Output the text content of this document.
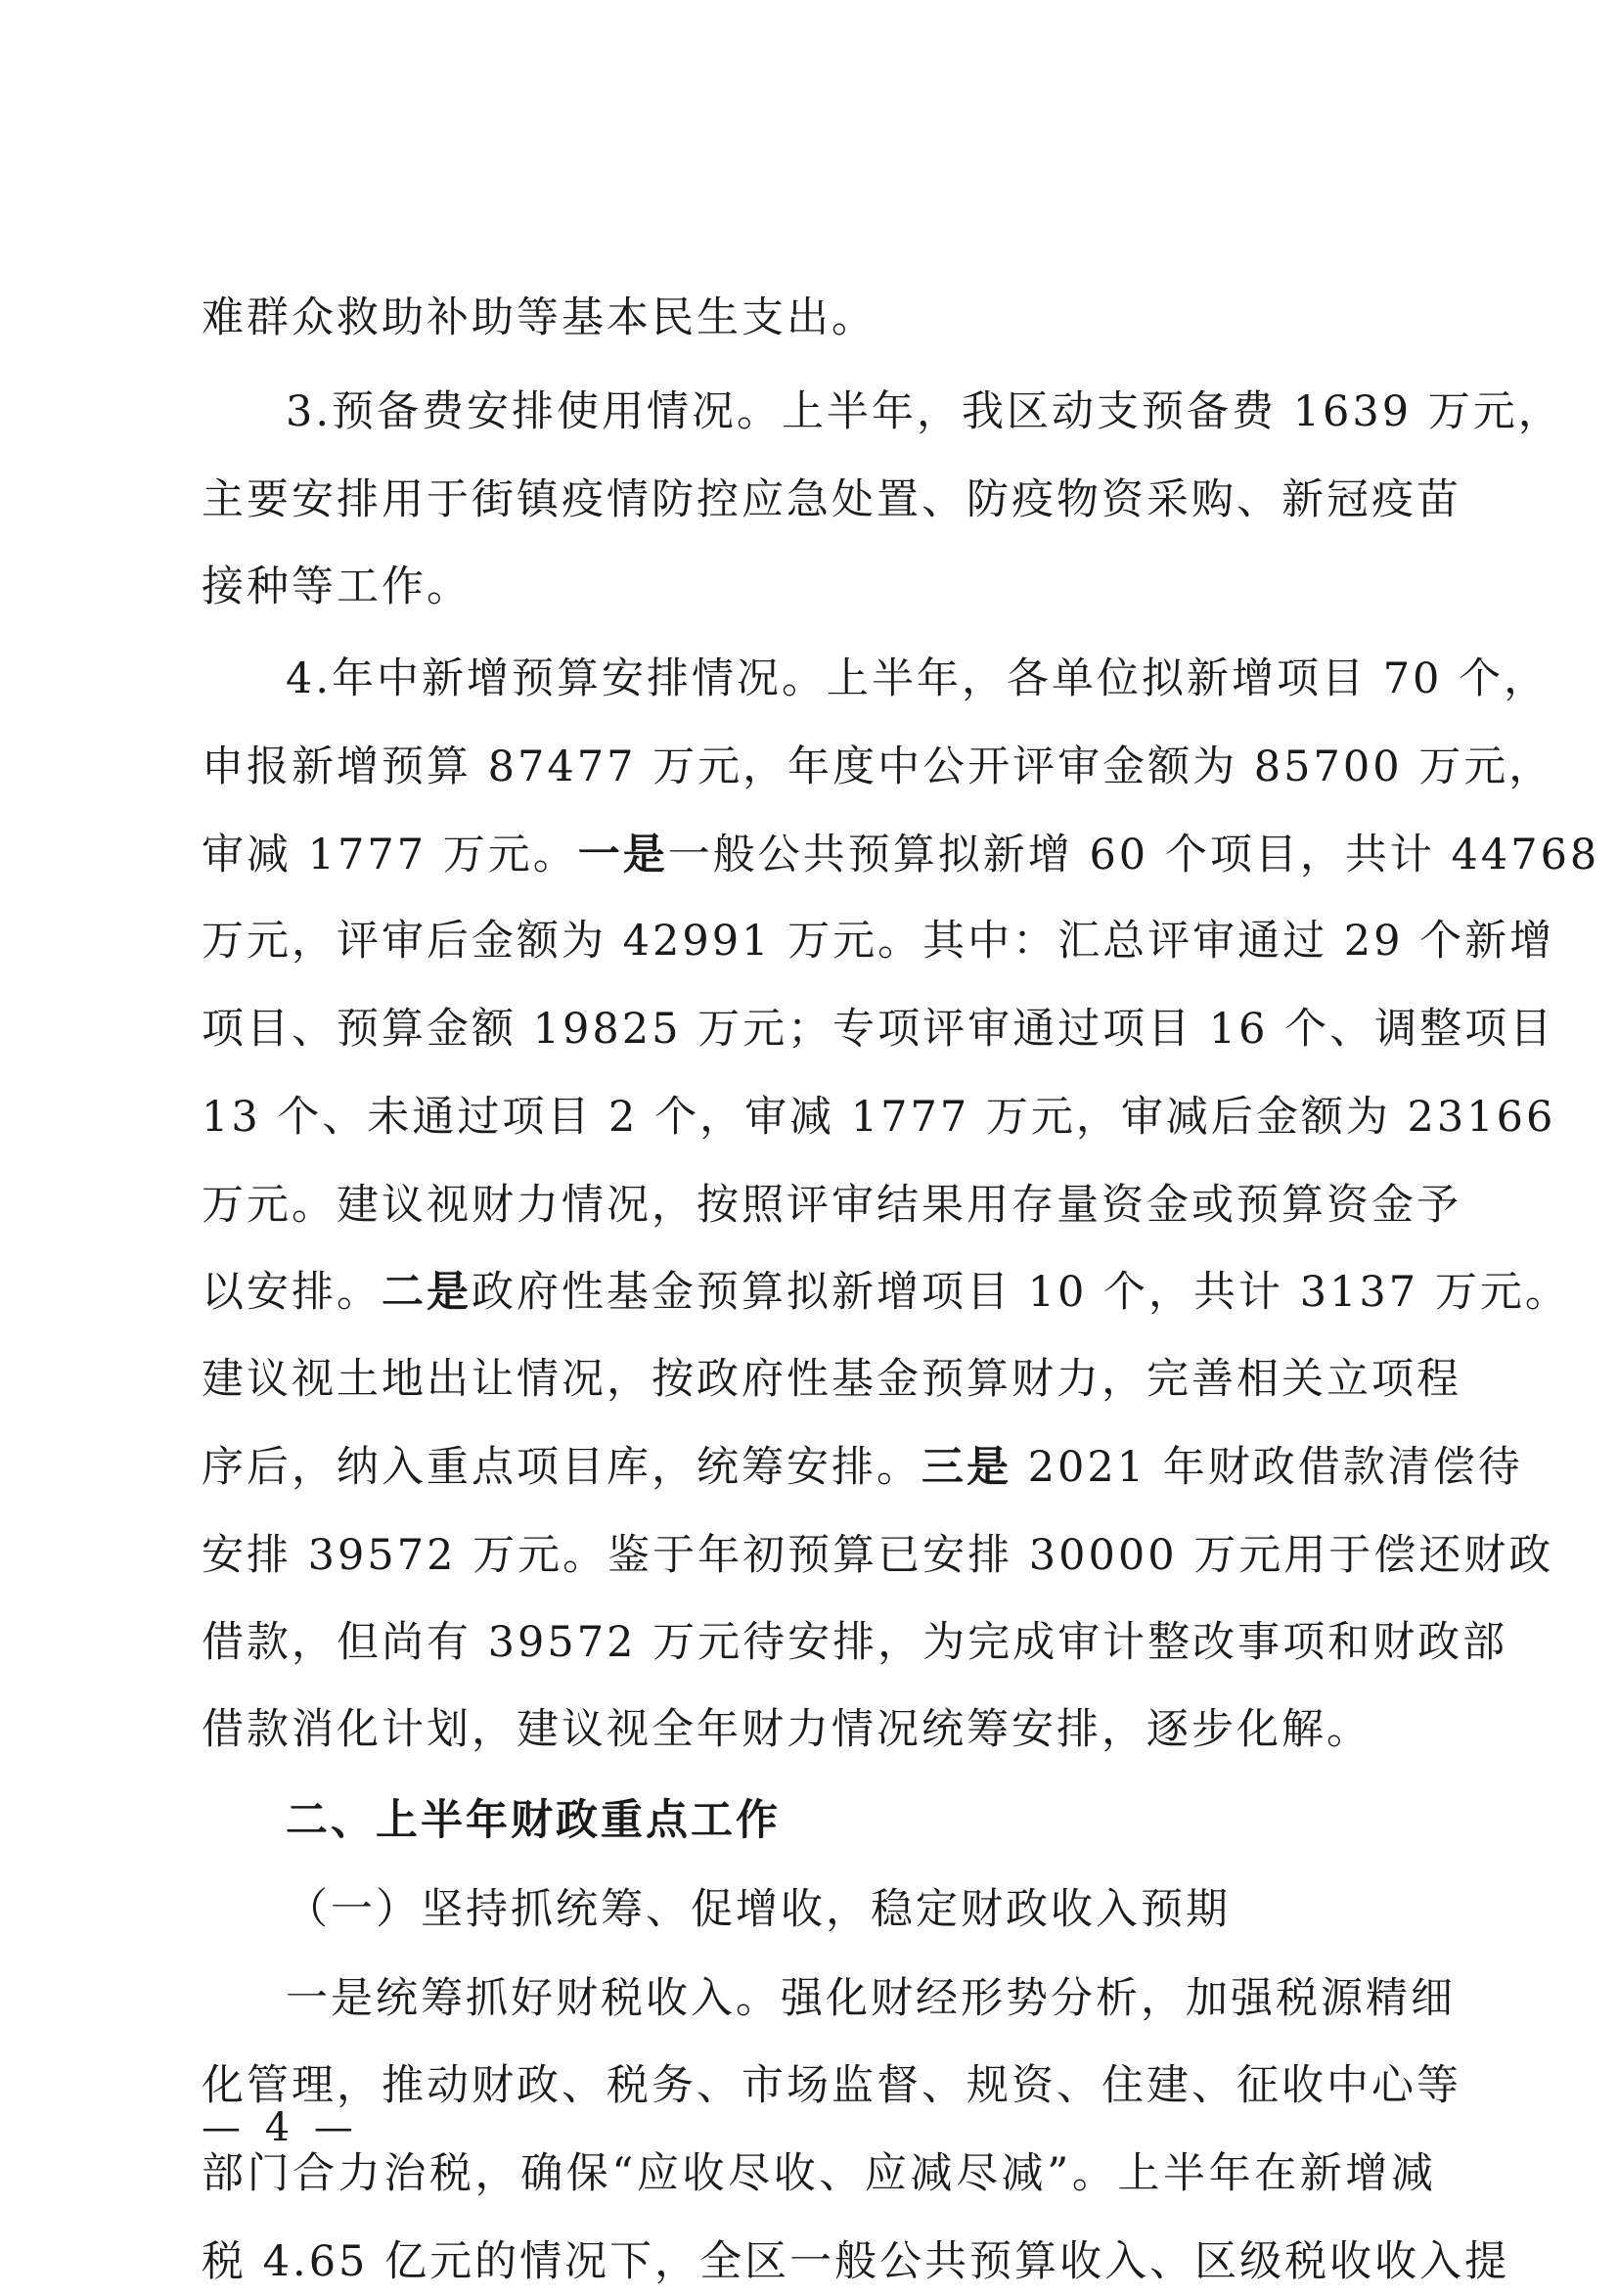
难群众救助补助等基本民生支出。
3.预备费安排使用情况。上半年，我区动支预备费 1639 万元，
主要安排用于街镇疫情防控应急处置、防疫物资采购、新冠疫苗
接种等工作。
4.年中新增预算安排情况。上半年，各单位拟新增项目 70 个，
申报新增预算 87477 万元，年度中公开评审金额为 85700 万元，
审减 1777 万元。一是一般公共预算拟新增 60 个项目，共计 44768
万元，评审后金额为 42991 万元。其中：汇总评审通过 29 个新增
项目、预算金额 19825 万元；专项评审通过项目 16 个、调整项目
13 个、未通过项目 2 个，审减 1777 万元，审减后金额为 23166
万元。建议视财力情况，按照评审结果用存量资金或预算资金予
以安排。二是政府性基金预算拟新增项目 10 个，共计 3137 万元。
建议视土地出让情况，按政府性基金预算财力，完善相关立项程
序后，纳入重点项目库，统筹安排。三是 2021 年财政借款清偿待
安排 39572 万元。鉴于年初预算已安排 30000 万元用于偿还财政
借款，但尚有 39572 万元待安排，为完成审计整改事项和财政部
借款消化计划，建议视全年财力情况统筹安排，逐步化解。
二、上半年财政重点工作
（一）坚持抓统筹、促增收，稳定财政收入预期
一是统筹抓好财税收入。强化财经形势分析，加强税源精细
化管理，推动财政、税务、市场监督、规资、住建、征收中心等
部门合力治税，确保“应收尽收、应减尽减”。上半年在新增减
税 4.65 亿元的情况下，全区一般公共预算收入、区级税收收入提
— 4 —
